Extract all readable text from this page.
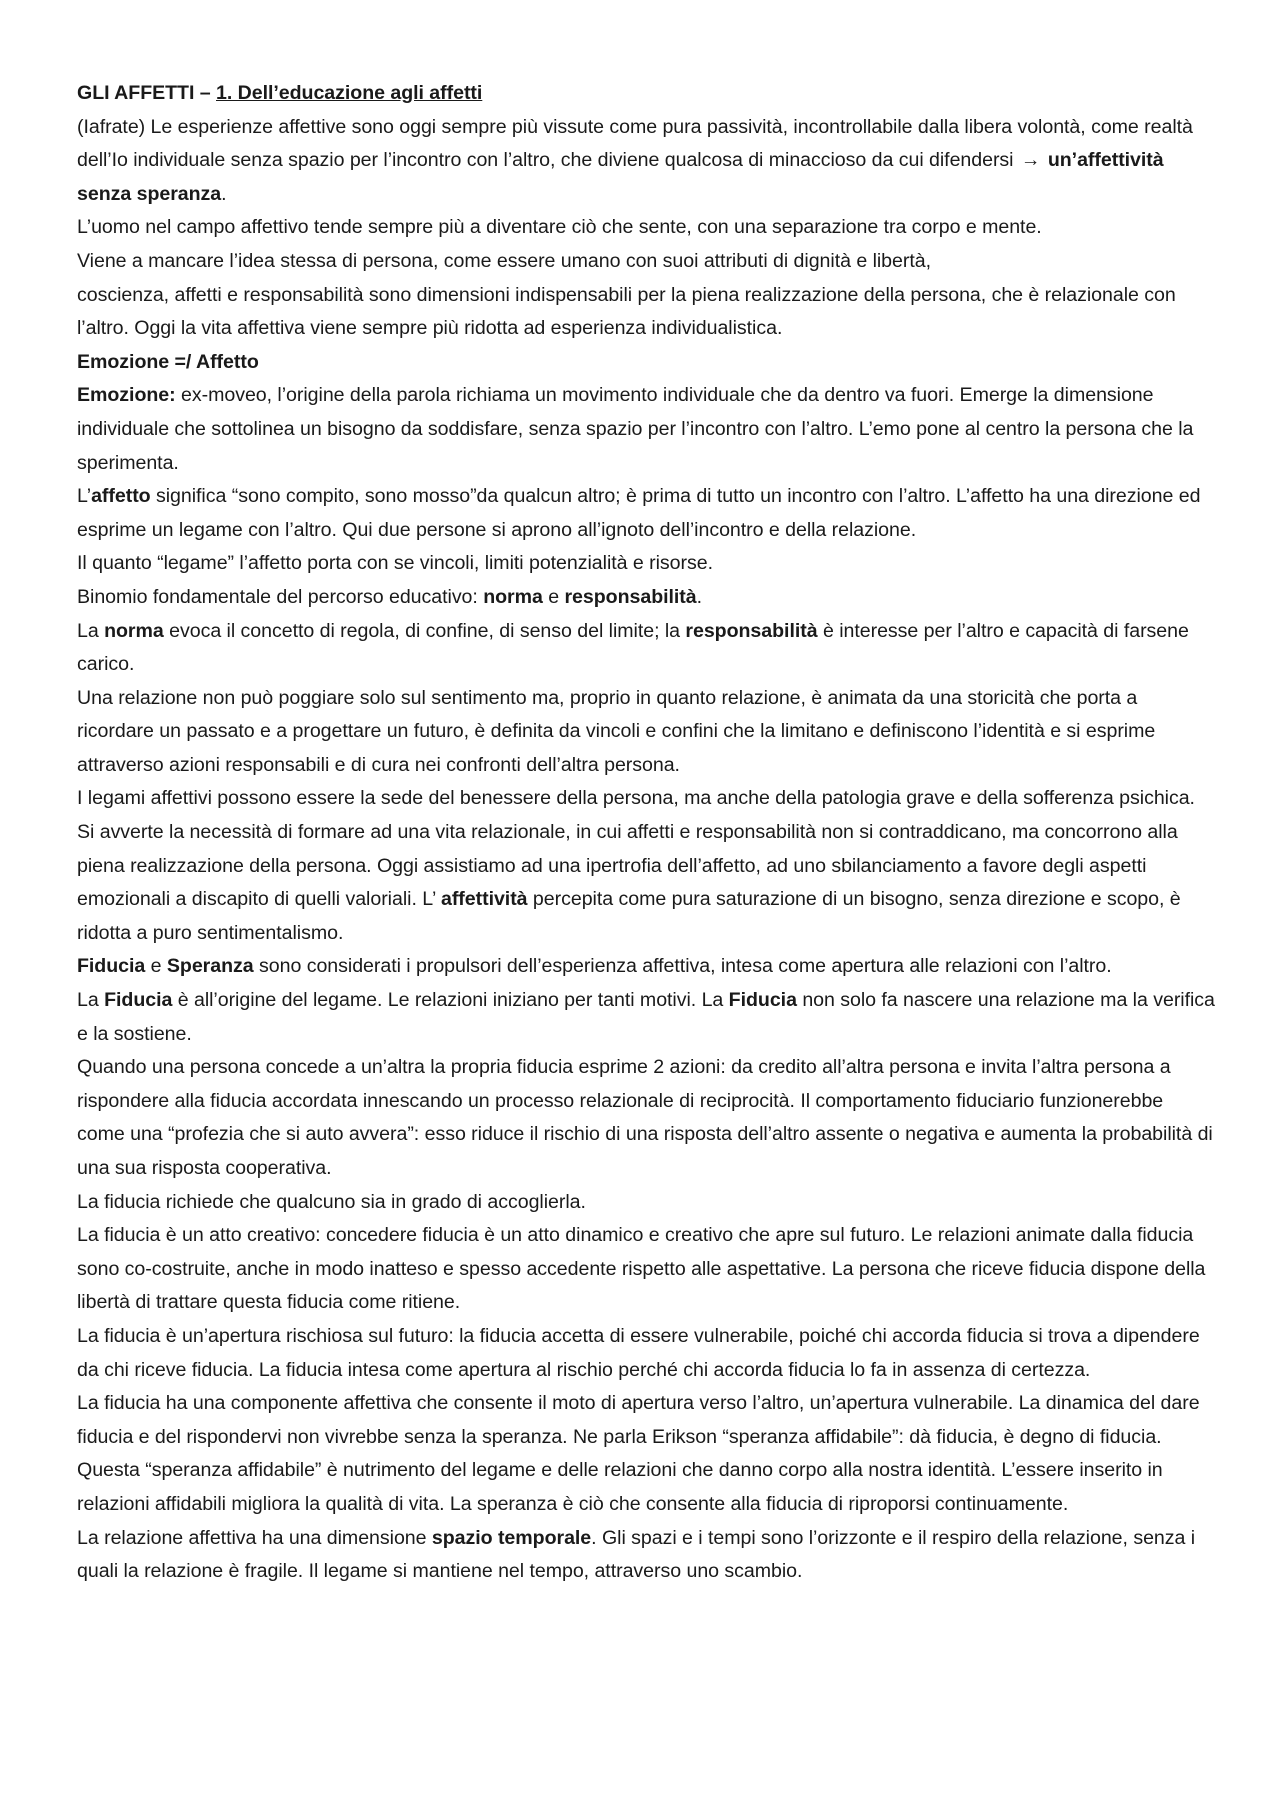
GLI AFFETTI – 1. Dell’educazione agli affetti

(Iafrate) Le esperienze affettive sono oggi sempre più vissute come pura passività, incontrollabile dalla libera volontà, come realtà dell’Io individuale senza spazio per l’incontro con l’altro, che diviene qualcosa di minaccioso da cui difendersi → un’affettività senza speranza.

L’uomo nel campo affettivo tende sempre più a diventare ciò che sente, con una separazione tra corpo e mente.

Viene a mancare l’idea stessa di persona, come essere umano con suoi attributi di dignità e libertà,

coscienza, affetti e responsabilità sono dimensioni indispensabili per la piena realizzazione della persona, che è relazionale con l’altro. Oggi la vita affettiva viene sempre più ridotta ad esperienza individualistica.

Emozione =/ Affetto

Emozione: ex-moveo, l’origine della parola richiama un movimento individuale che da dentro va fuori. Emerge la dimensione individuale che sottolinea un bisogno da soddisfare, senza spazio per l’incontro con l’altro. L’emo pone al centro la persona che la sperimenta.

L’affetto significa “sono compito, sono mosso”da qualcun altro; è prima di tutto un incontro con l’altro. L’affetto ha una direzione ed esprime un legame con l’altro. Qui due persone si aprono all’ignoto dell’incontro e della relazione.

Il quanto “legame” l’affetto porta con se vincoli, limiti potenzialità e risorse.

Binomio fondamentale del percorso educativo: norma e responsabilità.

La norma evoca il concetto di regola, di confine, di senso del limite; la responsabilità è interesse per l’altro e capacità di farsene carico.

Una relazione non può poggiare solo sul sentimento ma, proprio in quanto relazione, è animata da una storicità che porta a ricordare un passato e a progettare un futuro, è definita da vincoli e confini che la limitano e definiscono l’identità e si esprime attraverso azioni responsabili e di cura nei confronti dell’altra persona.

I legami affettivi possono essere la sede del benessere della persona, ma anche della patologia grave e della sofferenza psichica.

Si avverte la necessità di formare ad una vita relazionale, in cui affetti e responsabilità non si contraddicano, ma concorrono alla piena realizzazione della persona. Oggi assistiamo ad una ipertrofia dell’affetto, ad uno sbilanciamento a favore degli aspetti emozionali a discapito di quelli valoriali. L’ affettività percepita come pura saturazione di un bisogno, senza direzione e scopo, è ridotta a puro sentimentalismo.

Fiducia e Speranza sono considerati i propulsori dell’esperienza affettiva, intesa come apertura alle relazioni con l’altro.

La Fiducia è all’origine del legame. Le relazioni iniziano per tanti motivi. La Fiducia non solo fa nascere una relazione ma la verifica e la sostiene.

Quando una persona concede a un’altra la propria fiducia esprime 2 azioni: da credito all’altra persona e invita l’altra persona a rispondere alla fiducia accordata innescando un processo relazionale di reciprocità. Il comportamento fiduciario funzionerebbe come una “profezia che si auto avvera”: esso riduce il rischio di una risposta dell’altro assente o negativa e aumenta la probabilità di una sua risposta cooperativa.

La fiducia richiede che qualcuno sia in grado di accoglierla.

La fiducia è un atto creativo: concedere fiducia è un atto dinamico e creativo che apre sul futuro. Le relazioni animate dalla fiducia sono co-costruite, anche in modo inatteso e spesso accedente rispetto alle aspettative. La persona che riceve fiducia dispone della libertà di trattare questa fiducia come ritiene.

La fiducia è un’apertura rischiosa sul futuro: la fiducia accetta di essere vulnerabile, poiché chi accorda fiducia si trova a dipendere da chi riceve fiducia. La fiducia intesa come apertura al rischio perché chi accorda fiducia lo fa in assenza di certezza.

La fiducia ha una componente affettiva che consente il moto di apertura verso l’altro, un’apertura vulnerabile. La dinamica del dare fiducia e del rispondervi non vivrebbe senza la speranza. Ne parla Erikson “speranza affidabile”: dà fiducia, è degno di fiducia. Questa “speranza affidabile” è nutrimento del legame e delle relazioni che danno corpo alla nostra identità. L’essere inserito in relazioni affidabili migliora la qualità di vita. La speranza è ciò che consente alla fiducia di riproporsi continuamente.

La relazione affettiva ha una dimensione spazio temporale. Gli spazi e i tempi sono l’orizzonte e il respiro della relazione, senza i quali la relazione è fragile. Il legame si mantiene nel tempo, attraverso uno scambio.
